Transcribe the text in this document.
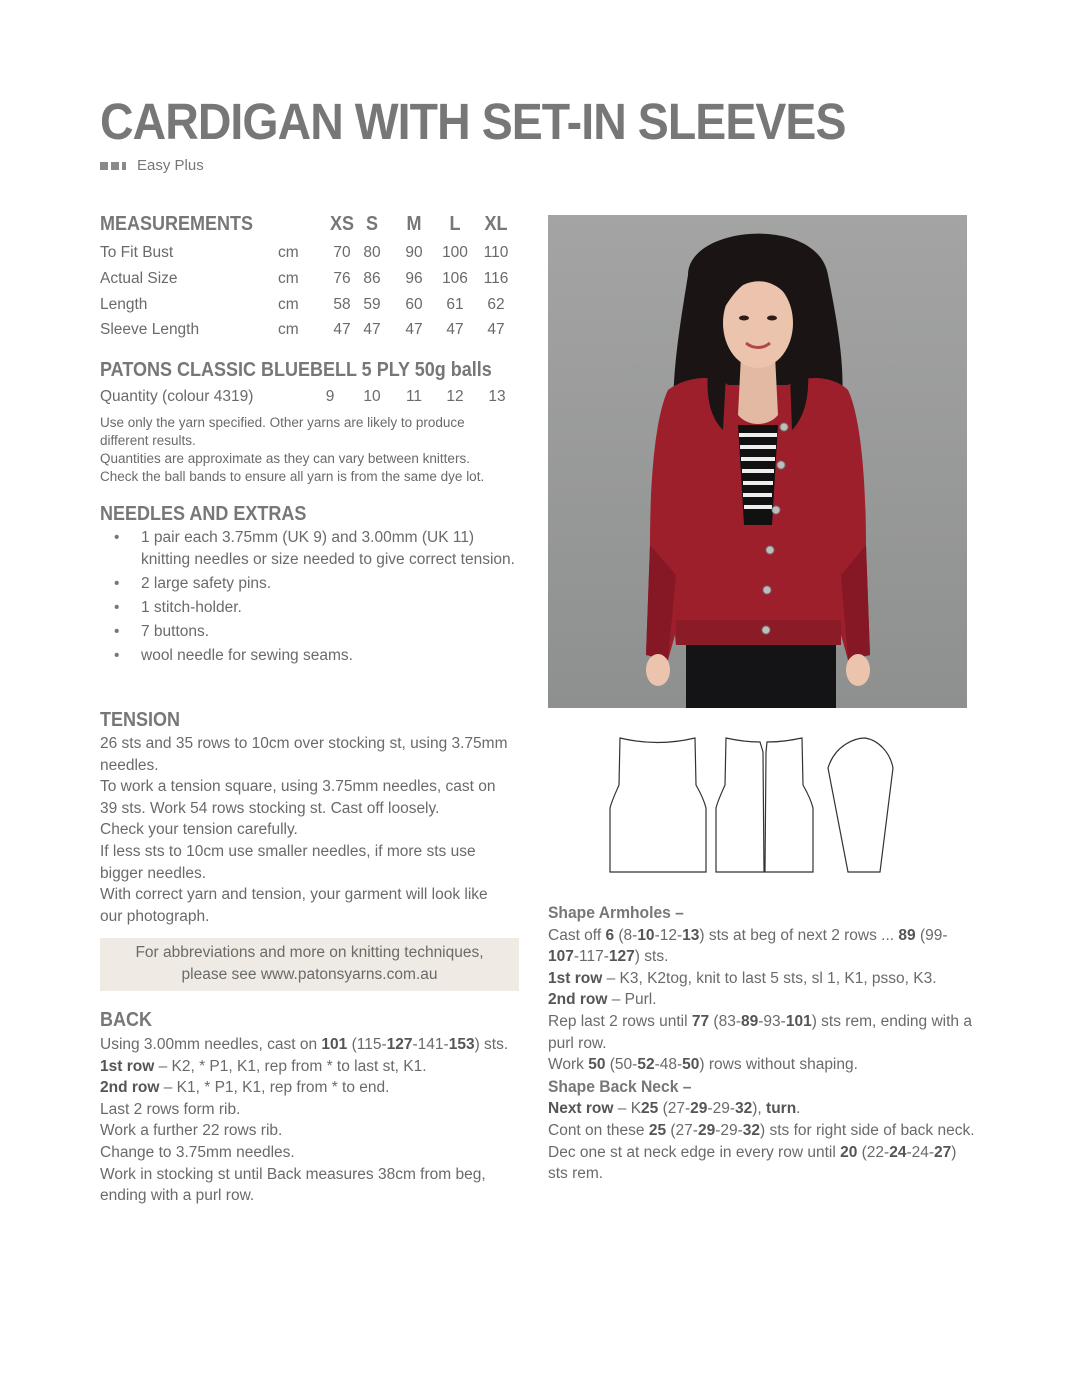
CARDIGAN WITH SET-IN SLEEVES
Easy Plus
MEASUREMENTS	XS S	M	L	XL
To Fit Bust	cm	70 80	90	100	110
Actual Size	cm	76 86	96	106	116
Length	cm	58 59	60	61	62
Sleeve Length	cm	47 47	47	47	47
PATONS CLASSIC BLUEBELL 5 PLY 50g balls
Quantity (colour 4319)	9	10	11	12	13
Use only the yarn specified. Other yarns are likely to produce
different results.
Quantities are approximate as they can vary between knitters.
Check the ball bands to ensure all yarn is from the same dye lot.
NEEDLES AND EXTRAS
• 1 pair each 3.75mm (UK 9) and 3.00mm (UK 11) knitting needles or size needed to give correct tension.
• 2 large safety pins.
• 1 stitch-holder.
• 7 buttons.
• wool needle for sewing seams.
TENSION

26 sts and 35 rows to 10cm over stocking st, using 3.75mm needles.

To work a tension square, using 3.75mm needles, cast on 39 sts. Work 54 rows stocking st. Cast off loosely.

Check your tension carefully.

If less sts to 10cm use smaller needles, if more sts use bigger needles.

With correct yarn and tension, your garment will look like our photograph.

For abbreviations and more on knitting techniques,
please see www.patonsyarns.com.au
BACK

Using 3.00mm needles, cast on 101 (115-127-141-153) sts.

1st row – K2, * P1, K1, rep from * to last st, K1.

2nd row – K1, * P1, K1, rep from * to end.

Last 2 rows form rib.

Work a further 22 rows rib.

Change to 3.75mm needles.

Work in stocking st until Back measures 38cm from beg, ending with a purl row.

Shape Armholes –

Cast off 6 (8-10-12-13) sts at beg of next 2 rows ... 89 (99-107-117-127) sts.

1st row – K3, K2tog, knit to last 5 sts, sl 1, K1, psso, K3.

2nd row – Purl.

Rep last 2 rows until 77 (83-89-93-101) sts rem, ending with a purl row.

Work 50 (50-52-48-50) rows without shaping.

Shape Back Neck –

Next row – K25 (27-29-29-32), turn.

Cont on these 25 (27-29-29-32) sts for right side of back neck.

Dec one st at neck edge in every row until 20 (22-24-24-27) sts rem.
